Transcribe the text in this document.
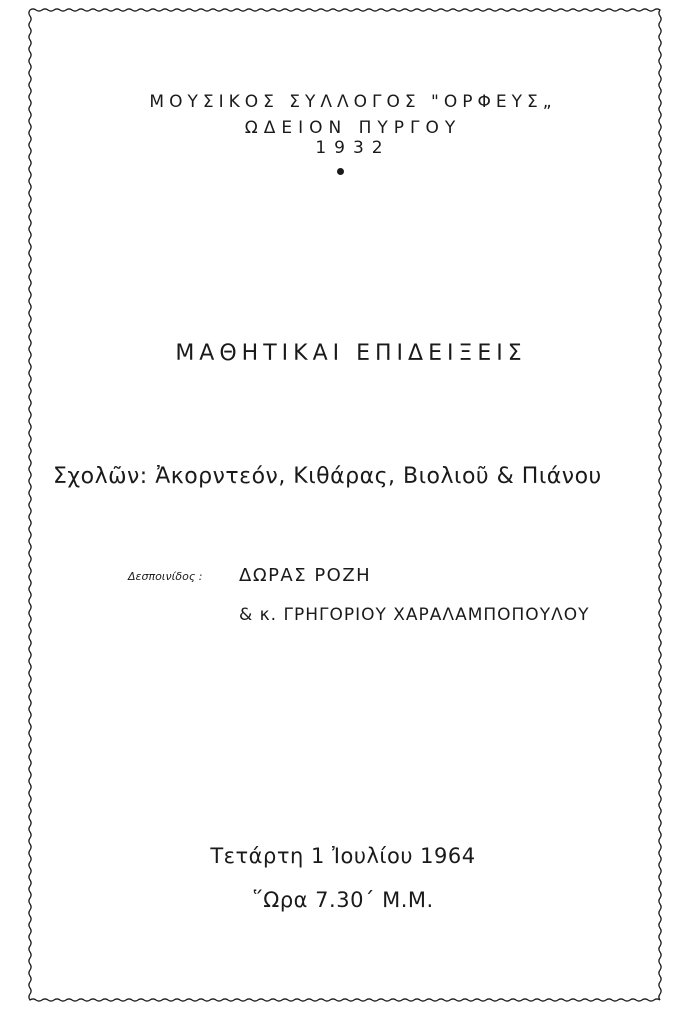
ΜΟΥΣΙΚΟΣ ΣΥΛΛΟΓΟΣ "ΟΡΦΕΥΣ„
ΩΔΕΙΟΝ ΠΥΡΓΟΥ
1932
ΜΑΘΗΤΙΚΑΙ ΕΠΙΔΕΙΞΕΙΣ
Σχολῶν: Ἀκορντεόν, Κιθάρας, Βιολιοῦ & Πιάνου
Δεσποινίδος : ΔΩΡΑΣ ΡΟΖΗ
& κ. ΓΡΗΓΟΡΙΟΥ ΧΑΡΑΛΑΜΠΟΠΟΥΛΟΥ
Τετάρτη 1 Ἰουλίου 1964
῞Ωρα 7.30΄ Μ.Μ.
